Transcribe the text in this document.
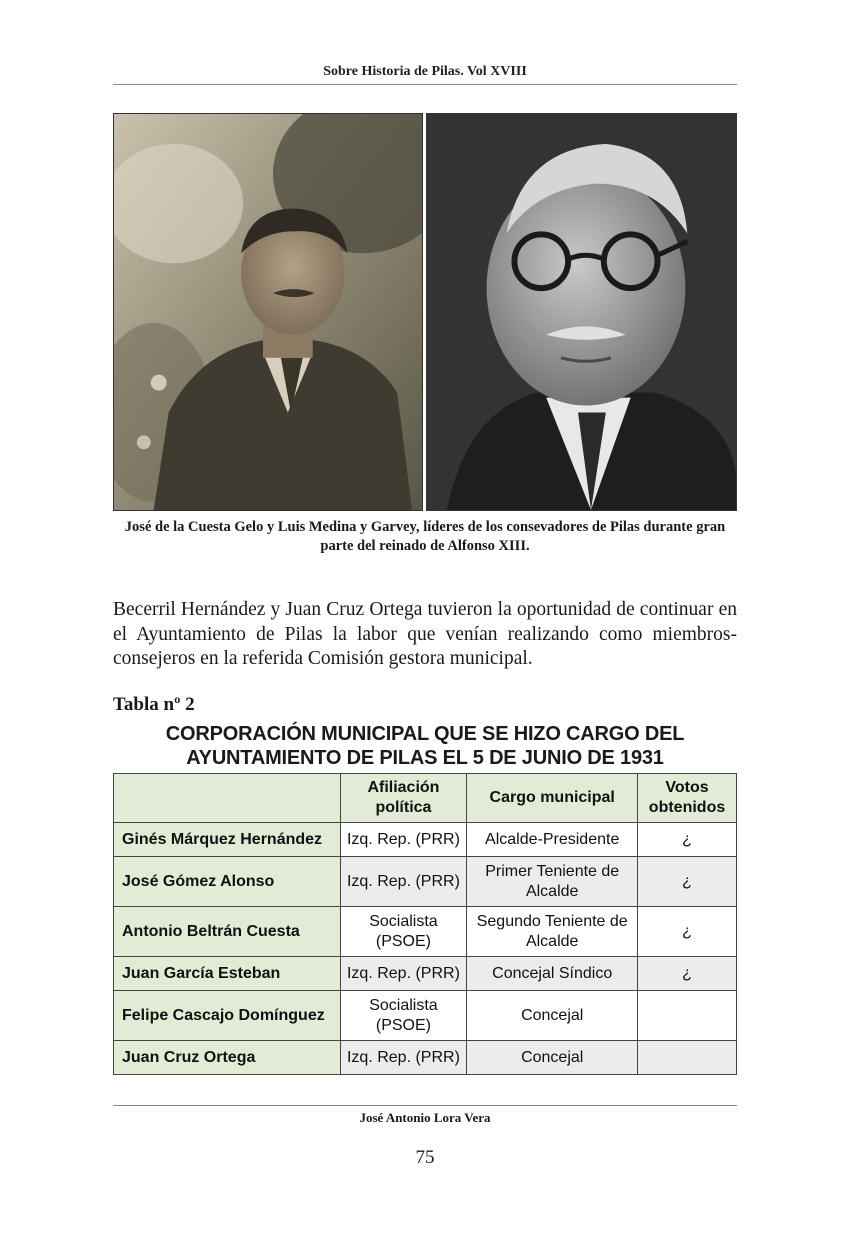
Sobre Historia de Pilas. Vol XVIII
José de la Cuesta Gelo y Luis Medina y Garvey, líderes de los consevadores de Pilas durante gran parte del reinado de Alfonso XIII.

Becerril Hernández y Juan Cruz Ortega tuvieron la oportunidad de continuar en el Ayuntamiento de Pilas la labor que venían realizando como miembros-consejeros en la referida Comisión gestora municipal.

Tabla nº 2
CORPORACIÓN MUNICIPAL QUE SE HIZO CARGO DEL
AYUNTAMIENTO DE PILAS EL 5 DE JUNIO DE 1931
	Afiliación política	Cargo municipal	Votos obtenidos
Ginés Márquez Hernández	Izq. Rep. (PRR)	Alcalde-Presidente	¿
José Gómez Alonso	Izq. Rep. (PRR)	Primer Teniente de Alcalde	¿
Antonio Beltrán Cuesta	Socialista (PSOE)	Segundo Teniente de Alcalde	¿
Juan García Esteban	Izq. Rep. (PRR)	Concejal Síndico	¿
Felipe Cascajo Domínguez	Socialista (PSOE)	Concejal	
Juan Cruz Ortega	Izq. Rep. (PRR)	Concejal	
José Antonio Lora Vera
75
